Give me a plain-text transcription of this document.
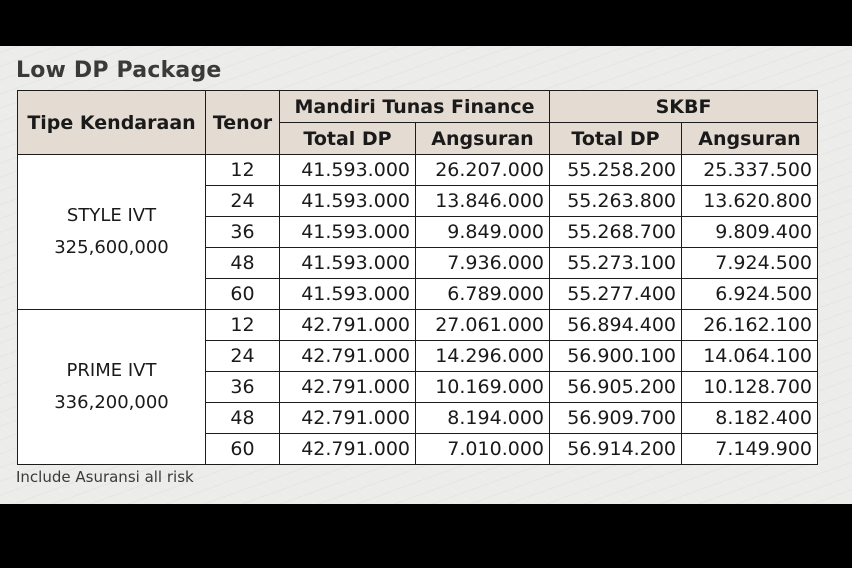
Low DP Package
Tipe Kendaraan	Tenor	Mandiri Tunas Finance		SKBF	
		Total DP	Angsuran	Total DP	Angsuran

STYLE IVT
325,600,000	12	41.593.000	26.207.000	55.258.200	25.337.500
	24	41.593.000	13.846.000	55.263.800	13.620.800
	36	41.593.000	9.849.000	55.268.700	9.809.400
	48	41.593.000	7.936.000	55.273.100	7.924.500
	60	41.593.000	6.789.000	55.277.400	6.924.500

PRIME IVT
336,200,000	12	42.791.000	27.061.000	56.894.400	26.162.100
	24	42.791.000	14.296.000	56.900.100	14.064.100
	36	42.791.000	10.169.000	56.905.200	10.128.700
	48	42.791.000	8.194.000	56.909.700	8.182.400
	60	42.791.000	7.010.000	56.914.200	7.149.900

Include Asuransi all risk
